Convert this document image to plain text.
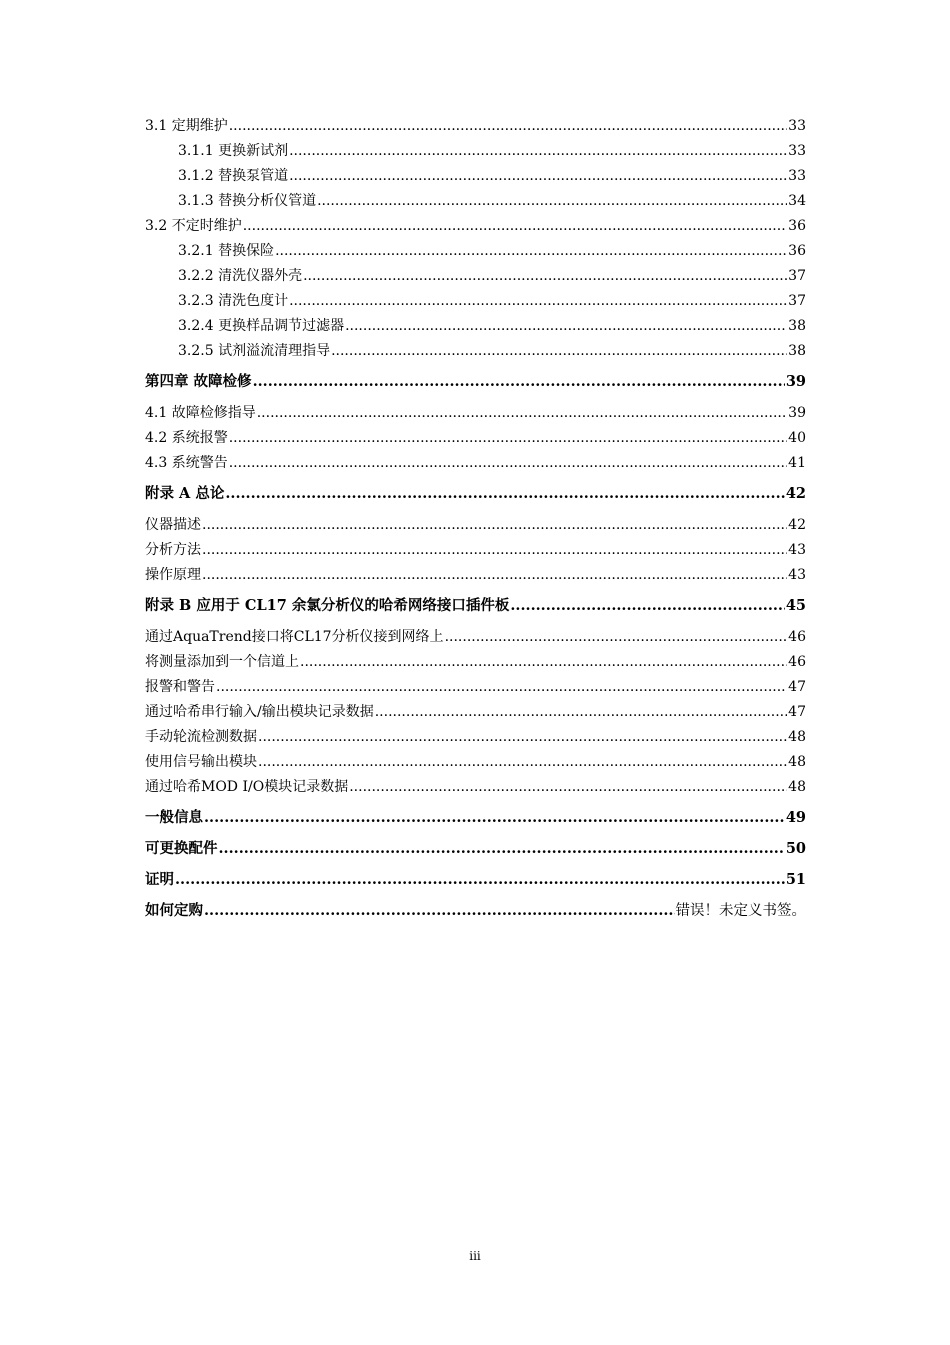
3.1 定期维护 .....	33
3.1.1 更换新试剂 .....	33
3.1.2 替换泵管道 .....	33
3.1.3 替换分析仪管道 .....	34
3.2 不定时维护 .....	36
3.2.1 替换保险 .....	36
3.2.2 清洗仪器外壳 .....	37
3.2.3 清洗色度计 .....	37
3.2.4 更换样品调节过滤器 .....	38
3.2.5 试剂溢流清理指导 .....	38
第四章 故障检修 .....	39
4.1 故障检修指导 .....	39
4.2 系统报警 .....	40
4.3 系统警告 .....	41
附录 A 总论 .....	42
仪器描述 .....	42
分析方法 .....	43
操作原理 .....	43
附录 B 应用于 CL17 余氯分析仪的哈希网络接口插件板 .....	45
通过AquaTrend接口将CL17分析仪接到网络上 .....	46
将测量添加到一个信道上 .....	46
报警和警告 .....	47
通过哈希串行输入/输出模块记录数据 .....	47
手动轮流检测数据 .....	48
使用信号输出模块 .....	48
通过哈希MOD I/O模块记录数据 .....	48
一般信息 .....	49
可更换配件 .....	50
证明 .....	51
如何定购 .....	错误！未定义书签。
iii
